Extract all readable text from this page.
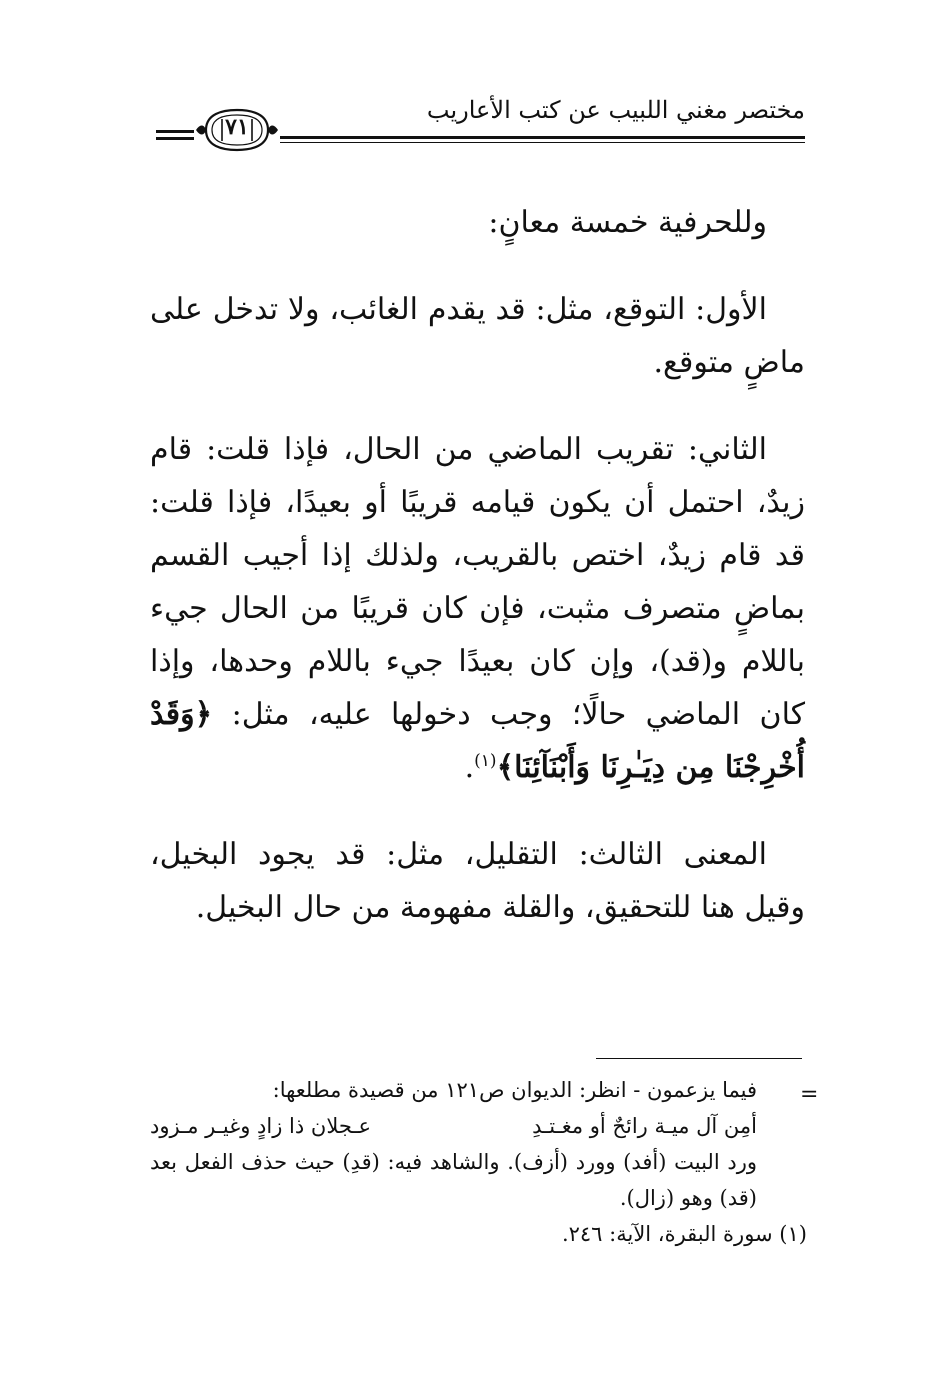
مختصر مغني اللبيب عن كتب الأعاريب
٧١

وللحرفية خمسة معانٍ:

الأول: التوقع، مثل: قد يقدم الغائب، ولا تدخل على ماضٍ متوقع.

الثاني: تقريب الماضي من الحال، فإذا قلت: قام زيدٌ، احتمل أن يكون قيامه قريبًا أو بعيدًا، فإذا قلت: قد قام زيدٌ، اختص بالقريب، ولذلك إذا أجيب القسم بماضٍ متصرف مثبت، فإن كان قريبًا من الحال جيء باللام و(قد)، وإن كان بعيدًا جيء باللام وحدها، وإذا كان الماضي حالًا؛ وجب دخولها عليه، مثل: ﴿وَقَدْ أُخْرِجْنَا مِن دِيَـٰرِنَا وَأَبْنَآئِنَا﴾$^{(١)}$.

المعنى الثالث: التقليل، مثل: قد يجود البخيل، وقيل هنا للتحقيق، والقلة مفهومة من حال البخيل.

=

فيما يزعمون - انظر: الديوان ص١٢١ من قصيدة مطلعها:

أمِن آل ميـة رائحٌ أو مغـتـدِ
عـجلان ذا زادٍ وغيـر مـزود

ورد البيت (أفد) وورد (أزف). والشاهد فيه: (قدِ) حيث حذف الفعل بعد (قد) وهو (زال).

(١) سورة البقرة، الآية: ٢٤٦.
